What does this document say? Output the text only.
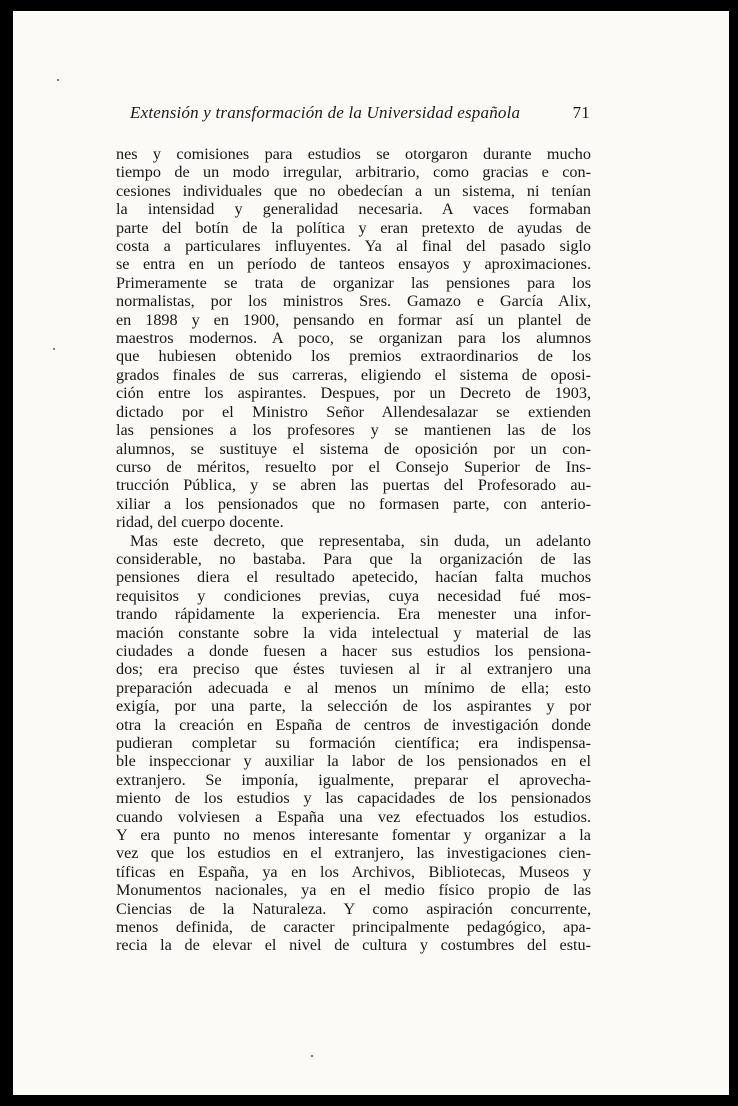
Extensión y transformación de la Universidad española	71

nes y comisiones para estudios se otorgaron durante mucho
tiempo de un modo irregular, arbitrario, como gracias e con-
cesiones individuales que no obedecían a un sistema, ni tenían
la intensidad y generalidad necesaria. A vaces formaban
parte del botín de la política y eran pretexto de ayudas de
costa a particulares influyentes. Ya al final del pasado siglo
se entra en un período de tanteos ensayos y aproximaciones.
Primeramente se trata de organizar las pensiones para los
normalistas, por los ministros Sres. Gamazo e García Alix,
en 1898 y en 1900, pensando en formar así un plantel de
maestros modernos. A poco, se organizan para los alumnos
que hubiesen obtenido los premios extraordinarios de los
grados finales de sus carreras, eligiendo el sistema de oposi-
ción entre los aspirantes. Despues, por un Decreto de 1903,
dictado por el Ministro Señor Allendesalazar se extienden
las pensiones a los profesores y se mantienen las de los
alumnos, se sustituye el sistema de oposición por un con-
curso de méritos, resuelto por el Consejo Superior de Ins-
trucción Pública, y se abren las puertas del Profesorado au-
xiliar a los pensionados que no formasen parte, con anterio-
ridad, del cuerpo docente.

Mas este decreto, que representaba, sin duda, un adelanto
considerable, no bastaba. Para que la organización de las
pensiones diera el resultado apetecido, hacían falta muchos
requisitos y condiciones previas, cuya necesidad fué mos-
trando rápidamente la experiencia. Era menester una infor-
mación constante sobre la vida intelectual y material de las
ciudades a donde fuesen a hacer sus estudios los pensiona-
dos; era preciso que éstes tuviesen al ir al extranjero una
preparación adecuada e al menos un mínimo de ella; esto
exigía, por una parte, la selección de los aspirantes y por
otra la creación en España de centros de investigación donde
pudieran completar su formación científica; era indispensa-
ble inspeccionar y auxiliar la labor de los pensionados en el
extranjero. Se imponía, igualmente, preparar el aprovecha-
miento de los estudios y las capacidades de los pensionados
cuando volviesen a España una vez efectuados los estudios.
Y era punto no menos interesante fomentar y organizar a la
vez que los estudios en el extranjero, las investigaciones cien-
tíficas en España, ya en los Archivos, Bibliotecas, Museos y
Monumentos nacionales, ya en el medio físico propio de las
Ciencias de la Naturaleza. Y como aspiración concurrente,
menos definida, de caracter principalmente pedagógico, apa-
recia la de elevar el nivel de cultura y costumbres del estu-
